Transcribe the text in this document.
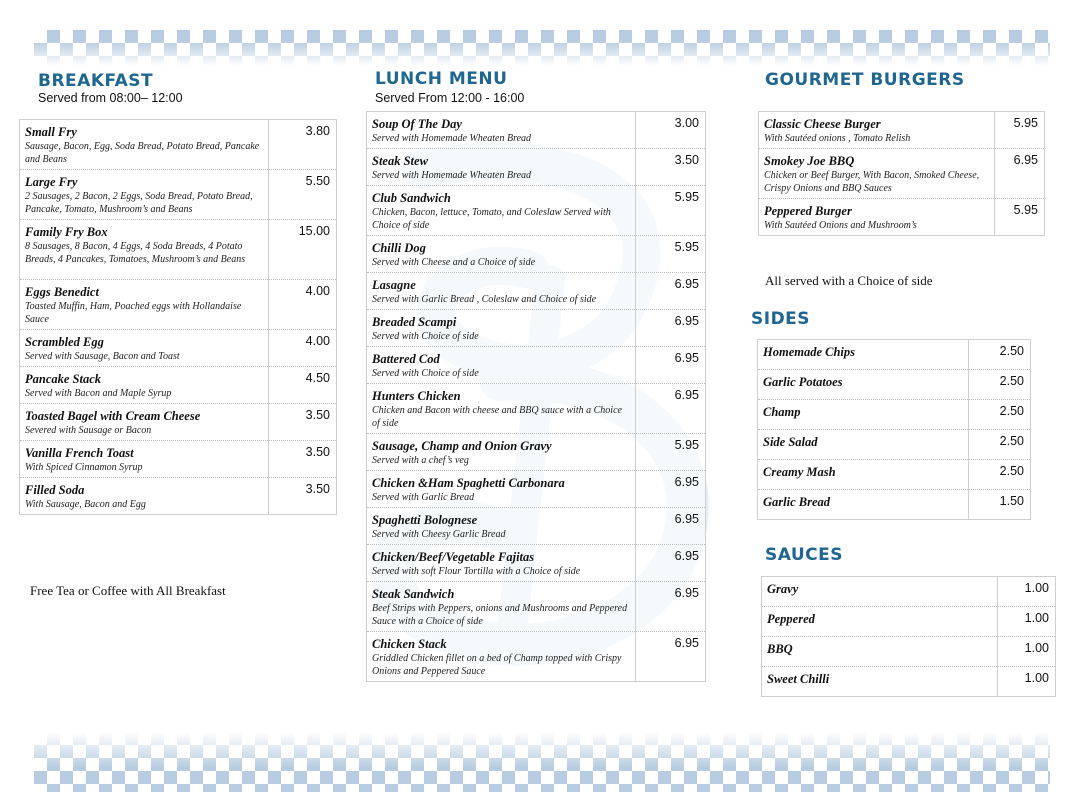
BREAKFAST
Served from 08:00– 12:00
Small Fry
Sausage, Bacon, Egg, Soda Bread, Potato Bread, Pancake and Beans	3.80

Large Fry
2 Sausages, 2 Bacon, 2 Eggs, Soda Bread, Potato Bread, Pancake, Tomato, Mushroom’s and Beans	5.50

Family Fry Box
8 Sausages, 8 Bacon, 4 Eggs, 4 Soda Breads, 4 Potato Breads, 4 Pancakes, Tomatoes, Mushroom’s and Beans	15.00

Eggs Benedict
Toasted Muffin, Ham, Poached eggs with Hollandaise Sauce	4.00

Scrambled Egg
Served with Sausage, Bacon and Toast	4.00

Pancake Stack
Served with Bacon and Maple Syrup	4.50

Toasted Bagel with Cream Cheese
Severed with Sausage or Bacon	3.50

Vanilla French Toast
With Spiced Cinnamon Syrup	3.50

Filled Soda
With Sausage, Bacon and Egg	3.50
Free Tea or Coffee with All Breakfast
LUNCH MENU
Served From 12:00 - 16:00
Soup Of The Day
Served with Homemade Wheaten Bread	3.00

Steak Stew
Served with Homemade Wheaten Bread	3.50

Club Sandwich
Chicken, Bacon, lettuce, Tomato, and Coleslaw Served with Choice of side	5.95

Chilli Dog
Served with Cheese and a Choice of side	5.95

Lasagne
Served with Garlic Bread , Coleslaw and Choice of side	6.95

Breaded Scampi
Served with Choice of side	6.95

Battered Cod
Served with Choice of side	6.95

Hunters Chicken
Chicken and Bacon with cheese and BBQ sauce with a Choice of side	6.95

Sausage, Champ and Onion Gravy
Served with a chef’s veg	5.95

Chicken &Ham Spaghetti Carbonara
Served with Garlic Bread	6.95

Spaghetti Bolognese
Served with Cheesy Garlic Bread	6.95

Chicken/Beef/Vegetable Fajitas
Served with soft Flour Tortilla with a Choice of side	6.95

Steak Sandwich
Beef Strips with Peppers, onions and Mushrooms and Peppered Sauce with a Choice of side	6.95

Chicken Stack
Griddled Chicken fillet on a bed of Champ topped with Crispy Onions and Peppered Sauce	6.95
GOURMET BURGERS
Classic Cheese Burger
With Sautéed onions , Tomato Relish	5.95

Smokey Joe BBQ
Chicken or Beef Burger, With Bacon, Smoked Cheese, Crispy Onions and BBQ Sauces	6.95

Peppered Burger
With Sautéed Onions and Mushroom’s	5.95
All served with a Choice of side
SIDES
Homemade Chips	2.50

Garlic Potatoes	2.50

Champ	2.50

Side Salad	2.50

Creamy Mash	2.50

Garlic Bread	1.50
SAUCES
Gravy	1.00

Peppered	1.00

BBQ	1.00

Sweet Chilli	1.00
